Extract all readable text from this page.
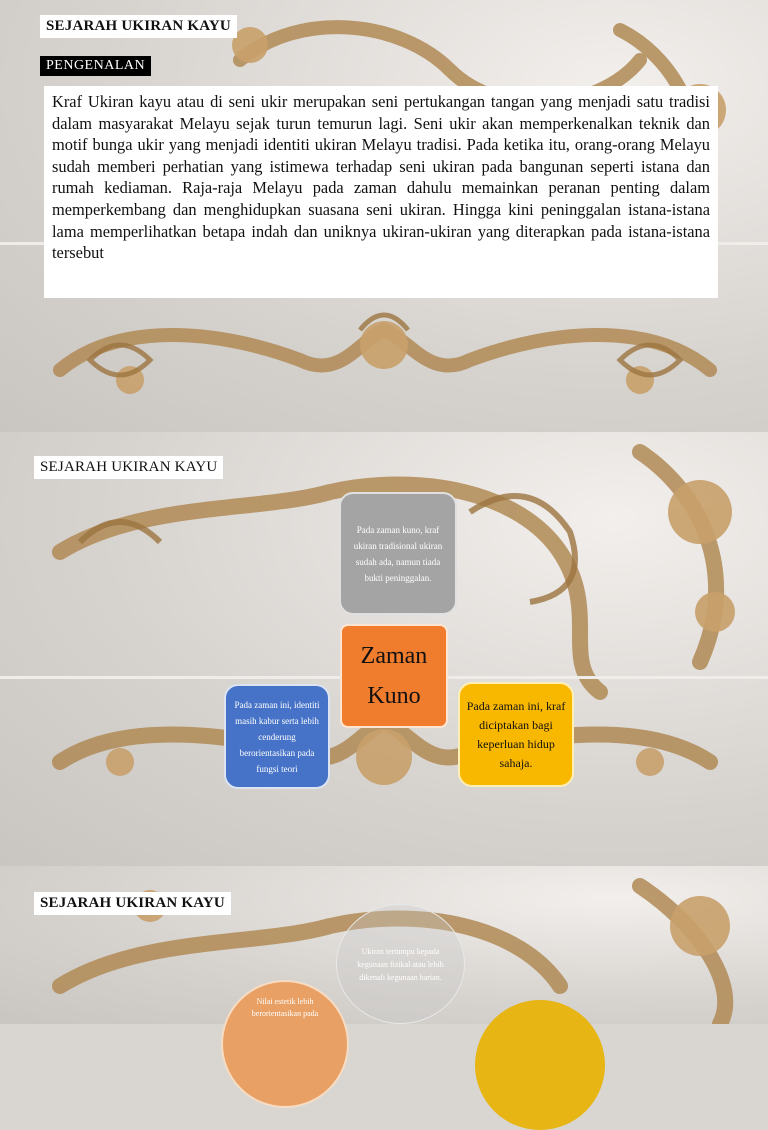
SEJARAH UKIRAN KAYU
PENGENALAN
Kraf Ukiran kayu atau di seni ukir merupakan seni pertukangan tangan yang menjadi satu tradisi dalam masyarakat Melayu sejak turun temurun lagi. Seni ukir akan memperkenalkan teknik dan motif bunga ukir yang menjadi identiti ukiran Melayu tradisi. Pada ketika itu, orang-orang Melayu sudah memberi perhatian yang istimewa terhadap seni ukiran pada bangunan seperti istana dan rumah kediaman. Raja-raja Melayu pada zaman dahulu memainkan peranan penting dalam memperkembang dan menghidupkan suasana seni ukiran. Hingga kini peninggalan istana-istana lama memperlihatkan betapa indah dan uniknya ukiran-ukiran yang diterapkan pada istana-istana tersebut
SEJARAH UKIRAN KAYU
SEJARAH UKIRAN KAYU
Pada zaman kuno, kraf ukiran tradisional ukiran sudah ada, namun tiada bukti peninggalan.
Zaman Kuno
Pada zaman ini, identiti masih kabur serta lebih cenderung berorientasikan pada fungsi teori
Pada zaman ini, kraf diciptakan bagi keperluan hidup sahaja.
Ukiran tertumpu kepada kegunaan fizikal atau lebih dikenali kegunaan harian.
Nilai estetik lebih berorientasikan pada
